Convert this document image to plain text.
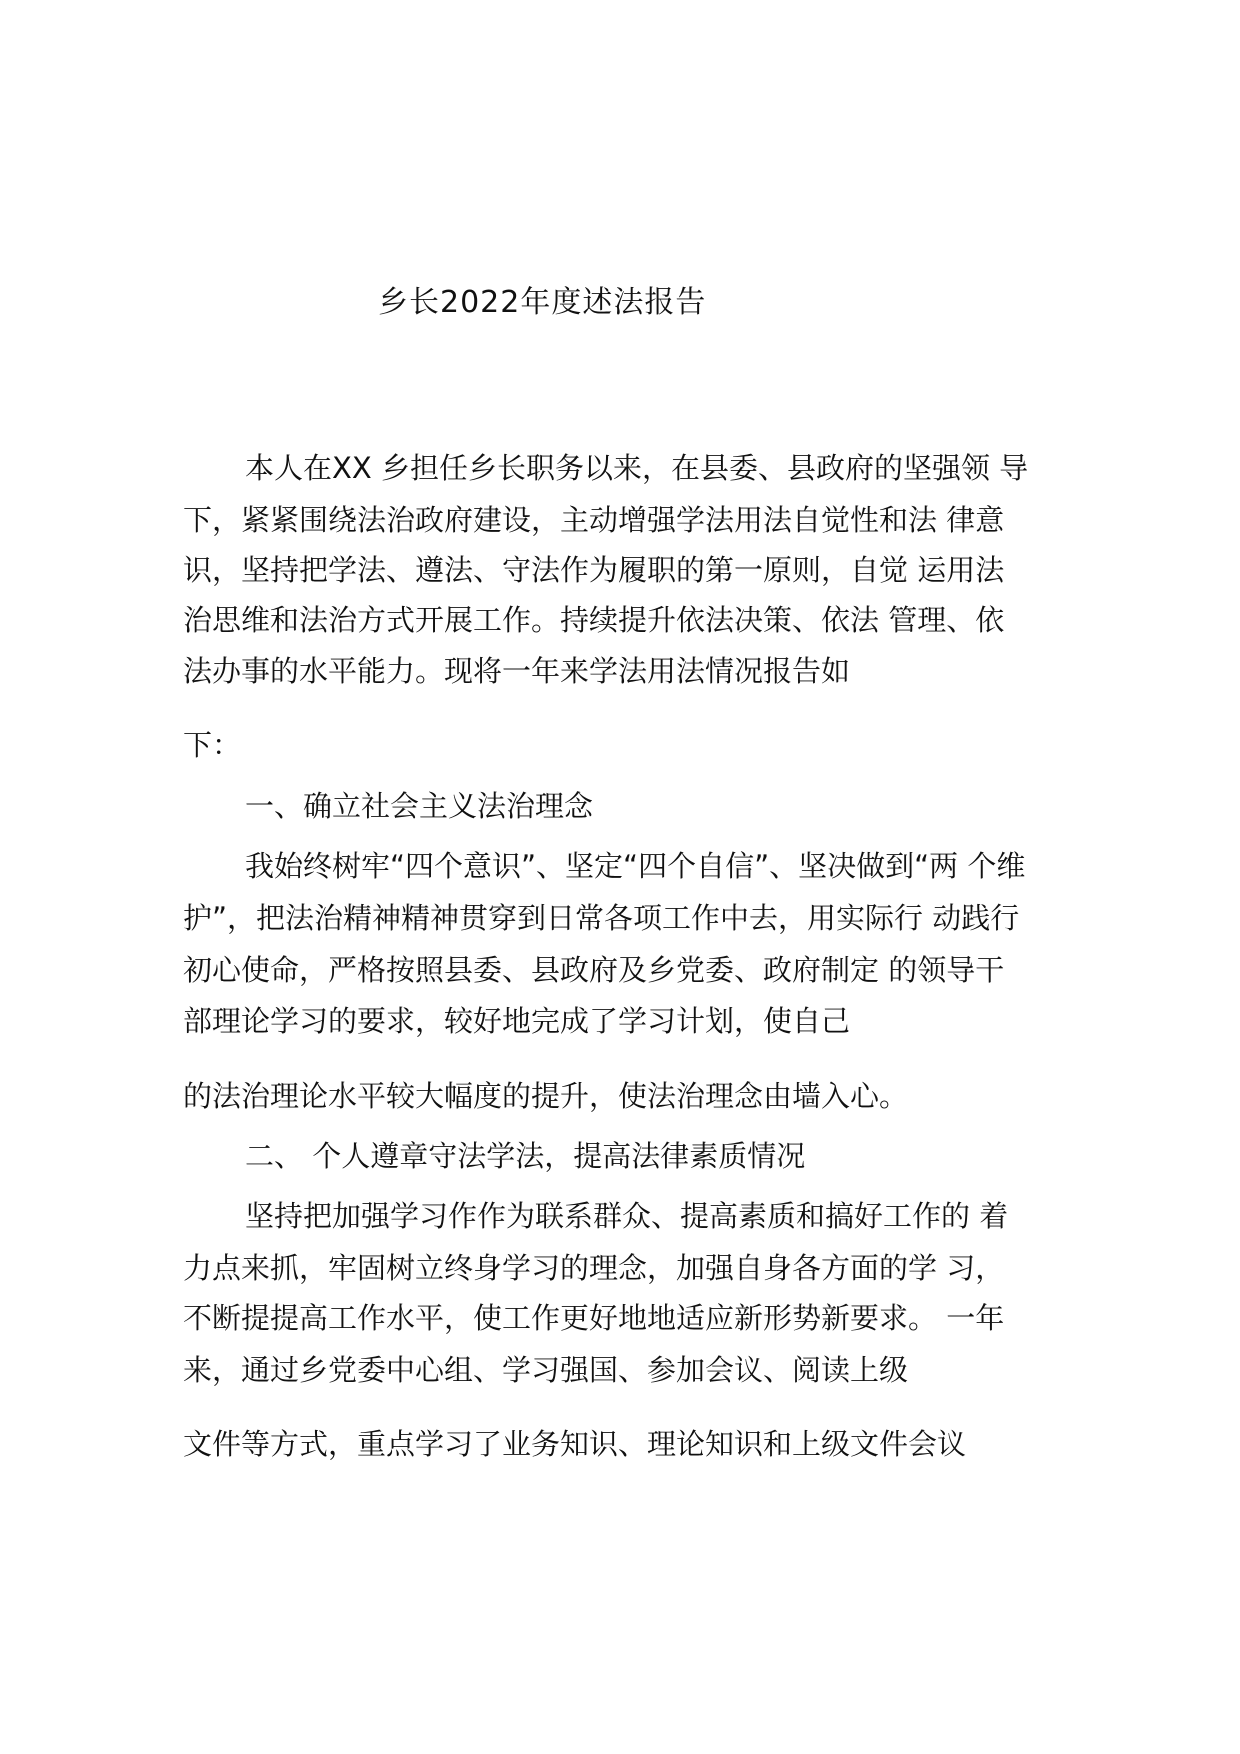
乡长2022年度述法报告

本人在XX 乡担任乡长职务以来，在县委、县政府的坚强领 导

下，紧紧围绕法治政府建设，主动增强学法用法自觉性和法 律意

识，坚持把学法、遵法、守法作为履职的第一原则，自觉 运用法

治思维和法治方式开展工作。持续提升依法决策、依法 管理、依

法办事的水平能力。现将一年来学法用法情况报告如

下：

一、确立社会主义法治理念

我始终树牢“四个意识”、坚定“四个自信”、坚决做到“两 个维

护”，把法治精神精神贯穿到日常各项工作中去，用实际行 动践行

初心使命，严格按照县委、县政府及乡党委、政府制定 的领导干

部理论学习的要求，较好地完成了学习计划，使自己

的法治理论水平较大幅度的提升，使法治理念由墙入心。

二、 个人遵章守法学法，提高法律素质情况

坚持把加强学习作作为联系群众、提高素质和搞好工作的 着

力点来抓，牢固树立终身学习的理念，加强自身各方面的学 习，

不断提提高工作水平，使工作更好地地适应新形势新要求。 一年

来，通过乡党委中心组、学习强国、参加会议、阅读上级

文件等方式，重点学习了业务知识、理论知识和上级文件会议
